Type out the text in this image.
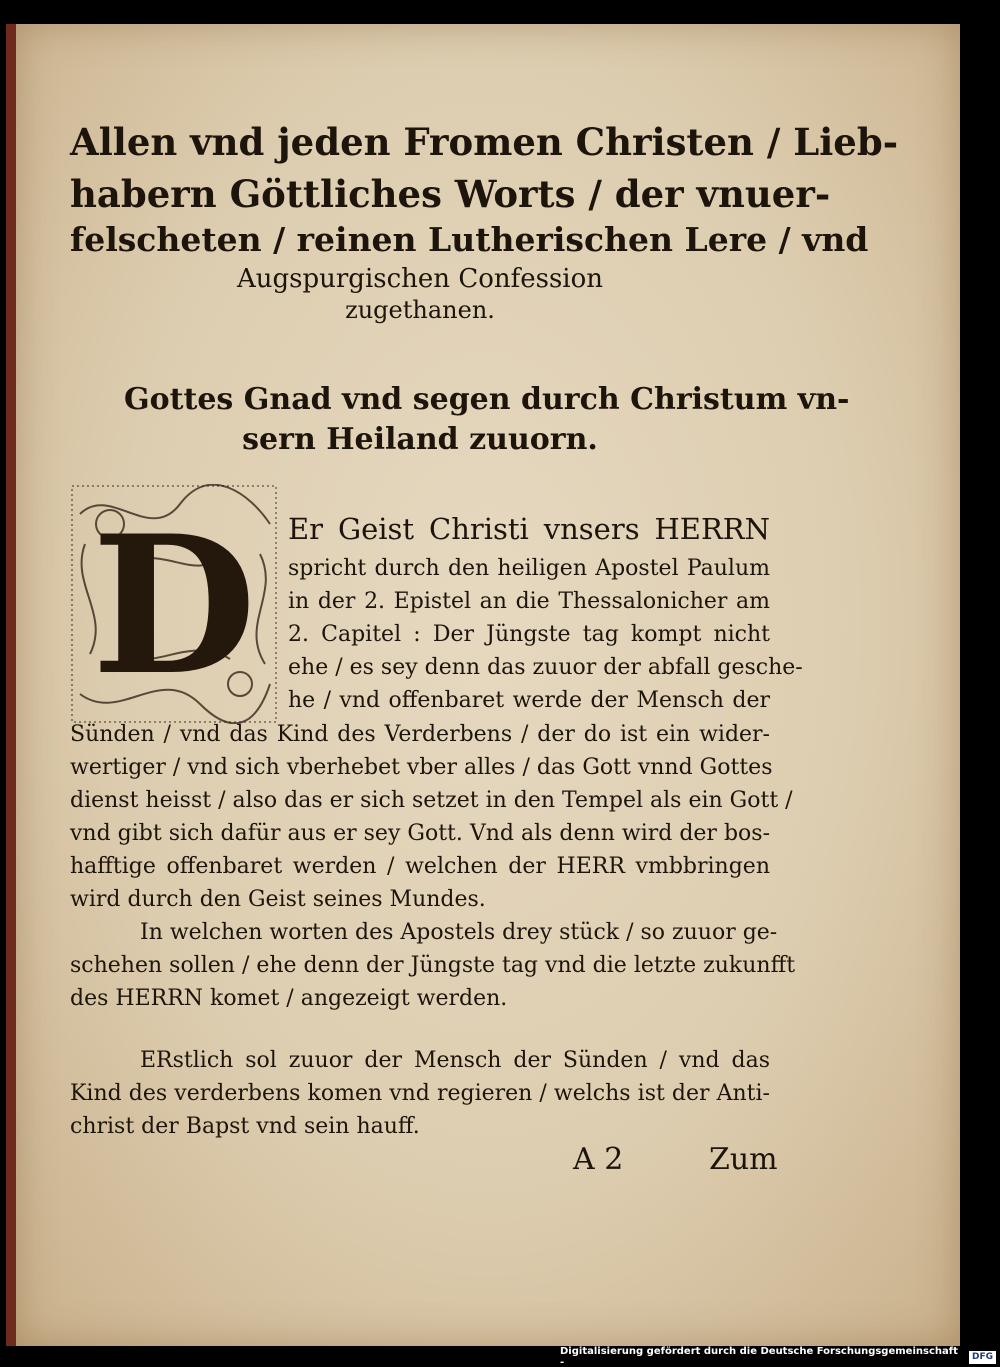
Allen vnd jeden Fromen Christen / Lieb-
habern Göttliches Worts / der vnuer-
felscheten / reinen Lutherischen Lere / vnd
Augspurgischen Confession
zugethanen.
Gottes Gnad vnd segen durch Christum vn-
sern Heiland zuuorn.
D Er Geist Christi vnsers HERRN
spricht durch den heiligen Apostel Paulum
in der 2. Epistel an die Thessalonicher am
2. Capitel : Der Jüngste tag kompt nicht
ehe / es sey denn das zuuor der abfall gesche-
he / vnd offenbaret werde der Mensch der
Sünden / vnd das Kind des Verderbens / der do ist ein wider-
wertiger / vnd sich vberhebet vber alles / das Gott vnnd Gottes
dienst heisst / also das er sich setzet in den Tempel als ein Gott /
vnd gibt sich dafür aus er sey Gott. Vnd als denn wird der bos-
hafftige offenbaret werden / welchen der HERR vmbbringen
wird durch den Geist seines Mundes.
In welchen worten des Apostels drey stück / so zuuor ge-
schehen sollen / ehe denn der Jüngste tag vnd die letzte zukunfft
des HERRN komet / angezeigt werden.
ERstlich sol zuuor der Mensch der Sünden / vnd das
Kind des verderbens komen vnd regieren / welchs ist der Anti-
christ der Bapst vnd sein hauff.
A 2	Zum
Digitalisierung gefördert durch die Deutsche Forschungsgemeinschaft -
DFG
